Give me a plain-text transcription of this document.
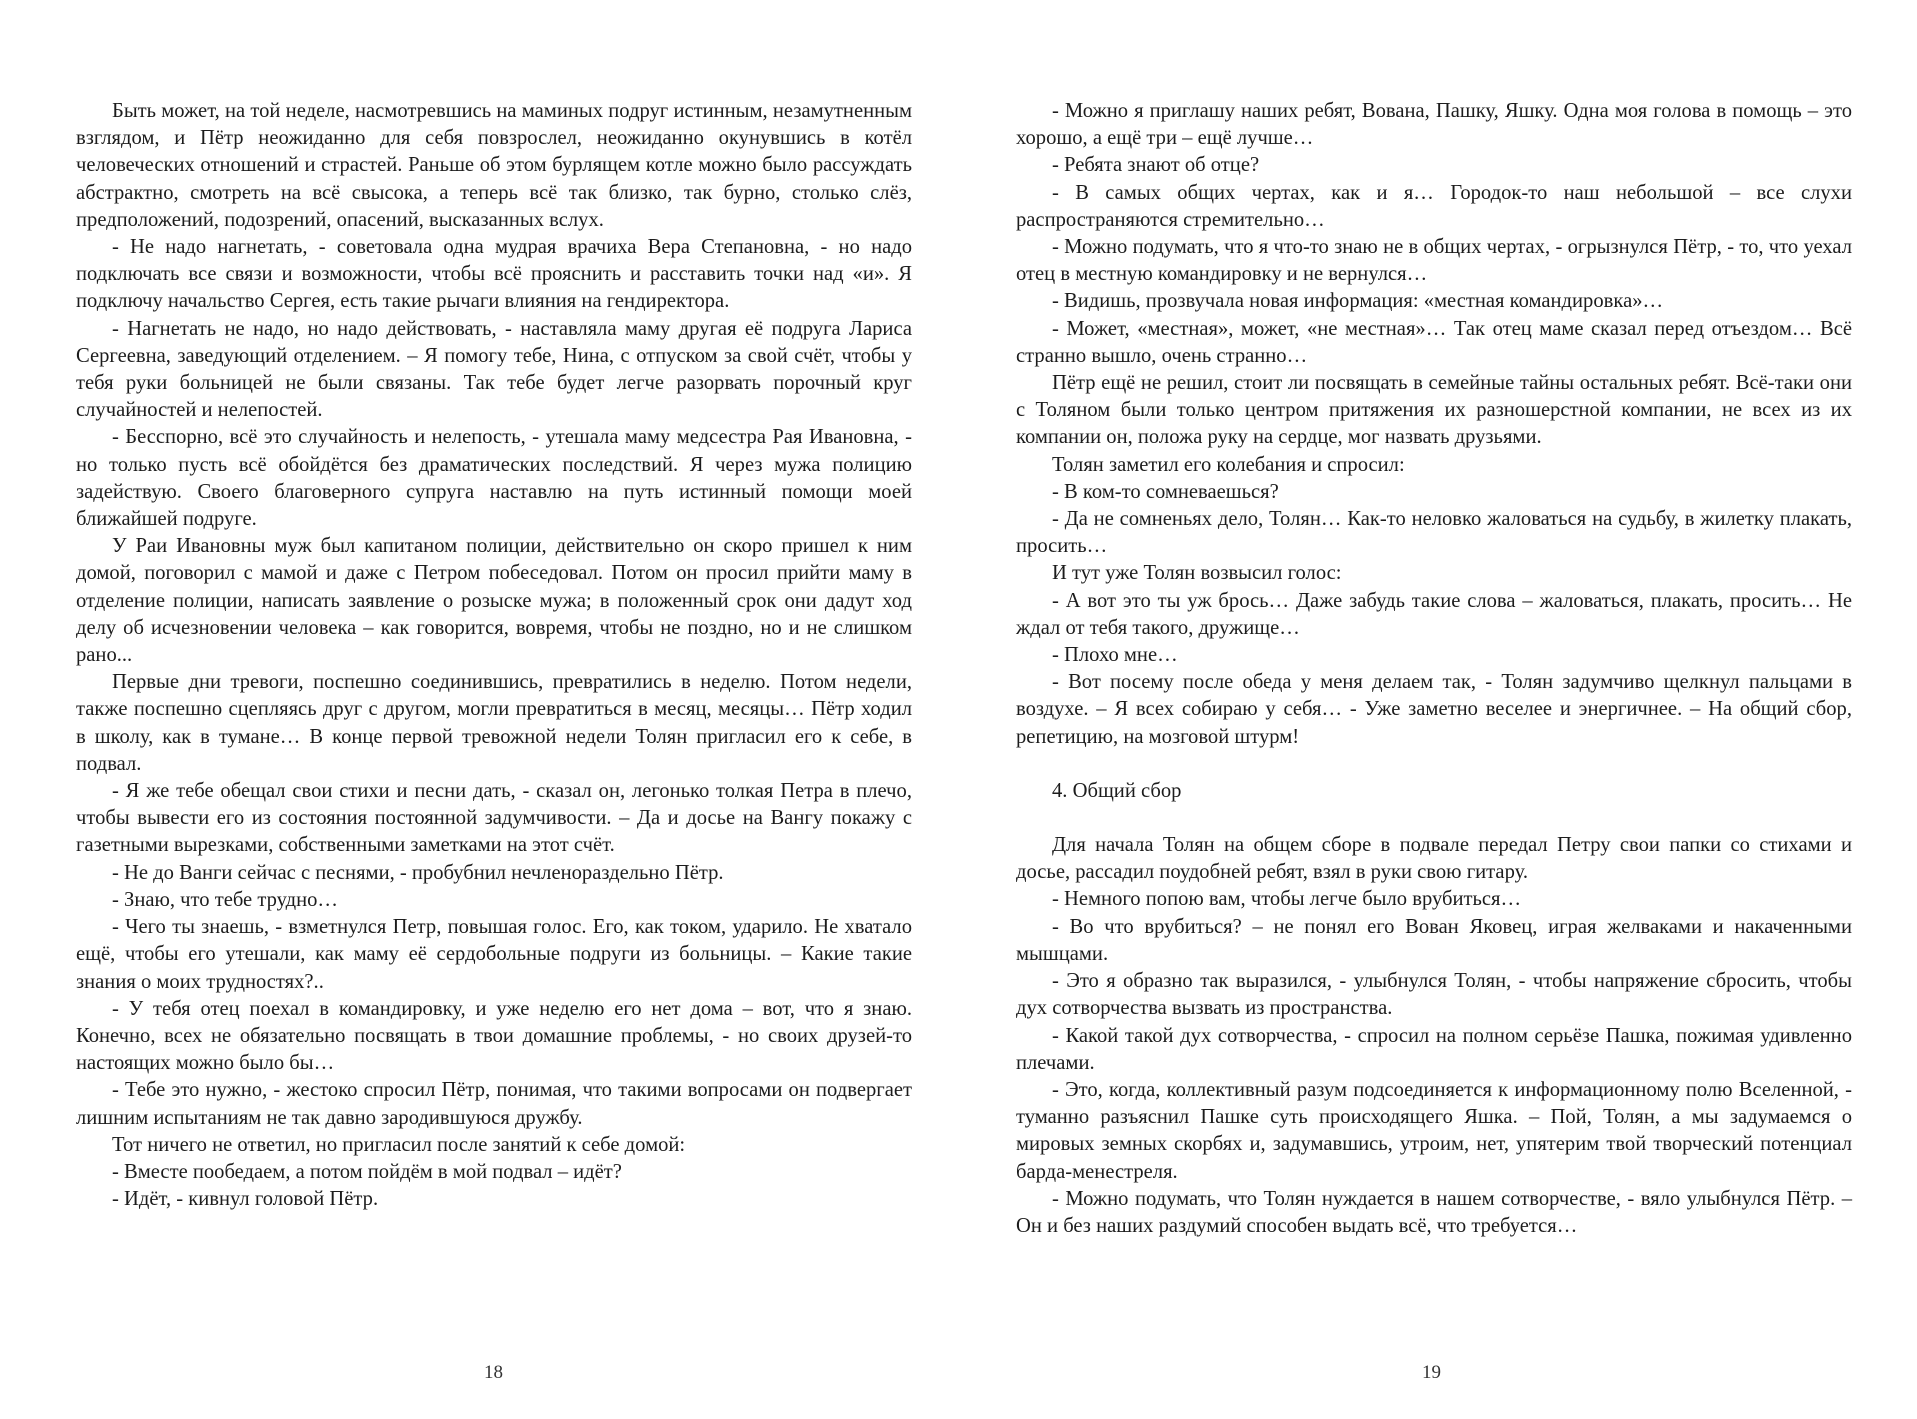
Быть может, на той неделе, насмотревшись на маминых подруг истинным, незамутненным взглядом, и Пётр неожиданно для себя повзрослел, неожиданно окунувшись в котёл человеческих отношений и страстей. Раньше об этом бурлящем котле можно было рассуждать абстрактно, смотреть на всё свысока, а теперь всё так близко, так бурно, столько слёз, предположений, подозрений, опасений, высказанных вслух.

- Не надо нагнетать, - советовала одна мудрая врачиха Вера Степановна, - но надо подключать все связи и возможности, чтобы всё прояснить и расставить точки над «и». Я подключу начальство Сергея, есть такие рычаги влияния на гендиректора.

- Нагнетать не надо, но надо действовать, - наставляла маму другая её подруга Лариса Сергеевна, заведующий отделением. – Я помогу тебе, Нина, с отпуском за свой счёт, чтобы у тебя руки больницей не были связаны. Так тебе будет легче разорвать порочный круг случайностей и нелепостей.

- Бесспорно, всё это случайность и нелепость, - утешала маму медсестра Рая Ивановна, - но только пусть всё обойдётся без драматических последствий. Я через мужа полицию задействую. Своего благоверного супруга наставлю на путь истинный помощи моей ближайшей подруге.

У Раи Ивановны муж был капитаном полиции, действительно он скоро пришел к ним домой, поговорил с мамой и даже с Петром побеседовал. Потом он просил прийти маму в отделение полиции, написать заявление о розыске мужа; в положенный срок они дадут ход делу об исчезновении человека – как говорится, вовремя, чтобы не поздно, но и не слишком рано...

Первые дни тревоги, поспешно соединившись, превратились в неделю. Потом недели, также поспешно сцепляясь друг с другом, могли превратиться в месяц, месяцы… Пётр ходил в школу, как в тумане… В конце первой тревожной недели Толян пригласил его к себе, в подвал.

- Я же тебе обещал свои стихи и песни дать, - сказал он, легонько толкая Петра в плечо, чтобы вывести его из состояния постоянной задумчивости. – Да и досье на Вангу покажу с газетными вырезками, собственными заметками на этот счёт.

- Не до Ванги сейчас с песнями, - пробубнил нечленораздельно Пётр.

- Знаю, что тебе трудно…

- Чего ты знаешь, - взметнулся Петр, повышая голос. Его, как током, ударило. Не хватало ещё, чтобы его утешали, как маму её сердобольные подруги из больницы. – Какие такие знания о моих трудностях?..

- У тебя отец поехал в командировку, и уже неделю его нет дома – вот, что я знаю. Конечно, всех не обязательно посвящать в твои домашние проблемы, - но своих друзей-то настоящих можно было бы…

- Тебе это нужно, - жестоко спросил Пётр, понимая, что такими вопросами он подвергает лишним испытаниям не так давно зародившуюся дружбу.

Тот ничего не ответил, но пригласил после занятий к себе домой:

- Вместе пообедаем, а потом пойдём в мой подвал – идёт?

- Идёт, - кивнул головой Пётр.

18

- Можно я приглашу наших ребят, Вована, Пашку, Яшку. Одна моя голова в помощь – это хорошо, а ещё три – ещё лучше…

- Ребята знают об отце?

- В самых общих чертах, как и я… Городок-то наш небольшой – все слухи распространяются стремительно…

- Можно подумать, что я что-то знаю не в общих чертах, - огрызнулся Пётр, - то, что уехал отец в местную командировку и не вернулся…

- Видишь, прозвучала новая информация: «местная командировка»…

- Может, «местная», может, «не местная»… Так отец маме сказал перед отъездом… Всё странно вышло, очень странно…

Пётр ещё не решил, стоит ли посвящать в семейные тайны остальных ребят. Всё-таки они с Толяном были только центром притяжения их разношерстной компании, не всех из их компании он, положа руку на сердце, мог назвать друзьями.

Толян заметил его колебания и спросил:

- В ком-то сомневаешься?

- Да не сомненьях дело, Толян… Как-то неловко жаловаться на судьбу, в жилетку плакать, просить…

И тут уже Толян возвысил голос:

- А вот это ты уж брось… Даже забудь такие слова – жаловаться, плакать, просить… Не ждал от тебя такого, дружище…

- Плохо мне…

- Вот посему после обеда у меня делаем так, - Толян задумчиво щелкнул пальцами в воздухе. – Я всех собираю у себя… - Уже заметно веселее и энергичнее. – На общий сбор, репетицию, на мозговой штурм!

4. Общий сбор

Для начала Толян на общем сборе в подвале передал Петру свои папки со стихами и досье, рассадил поудобней ребят, взял в руки свою гитару.

- Немного попою вам, чтобы легче было врубиться…

- Во что врубиться? – не понял его Вован Яковец, играя желваками и накаченными мышцами.

- Это я образно так выразился, - улыбнулся Толян, - чтобы напряжение сбросить, чтобы дух сотворчества вызвать из пространства.

- Какой такой дух сотворчества, - спросил на полном серьёзе Пашка, пожимая удивленно плечами.

- Это, когда, коллективный разум подсоединяется к информационному полю Вселенной, - туманно разъяснил Пашке суть происходящего Яшка. – Пой, Толян, а мы задумаемся о мировых земных скорбях и, задумавшись, утроим, нет, упятерим твой творческий потенциал барда-менестреля.

- Можно подумать, что Толян нуждается в нашем сотворчестве, - вяло улыбнулся Пётр. – Он и без наших раздумий способен выдать всё, что требуется…

19
